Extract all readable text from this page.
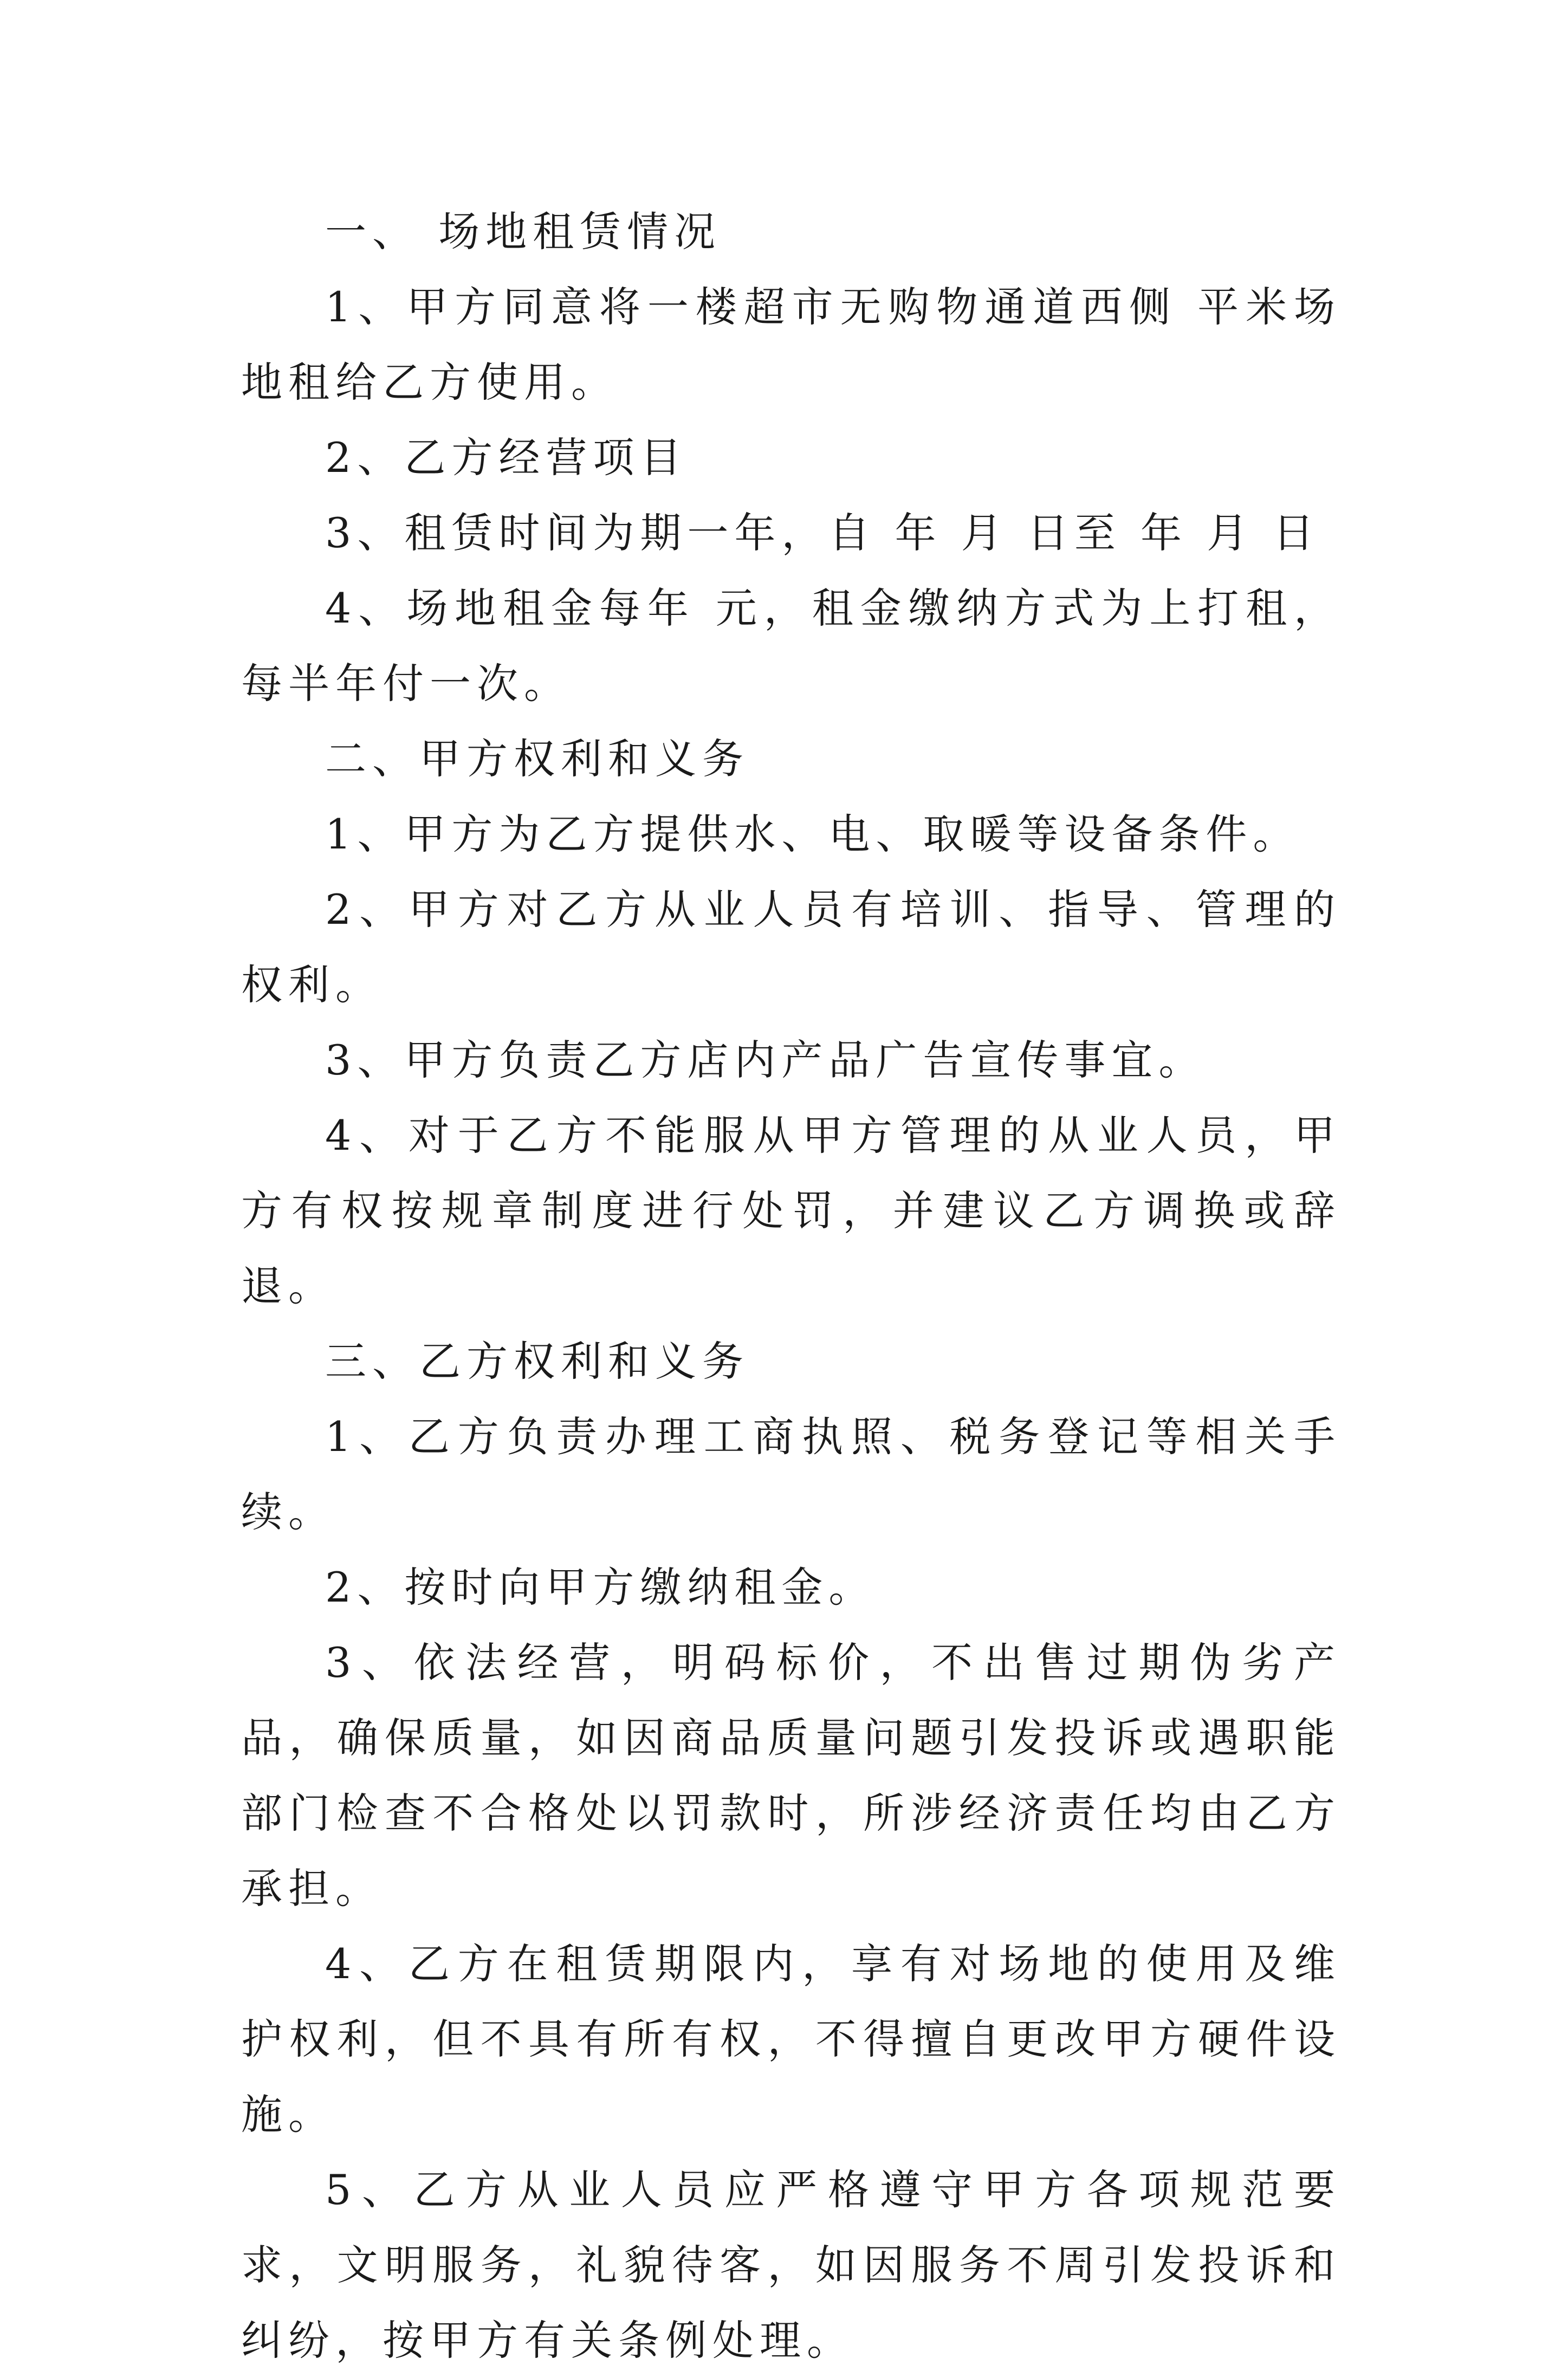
一、 场地租赁情况

1、甲方同意将一楼超市无购物通道西侧 平米场地租给乙方使用。

2、乙方经营项目

3、租赁时间为期一年，自 年 月 日至 年 月 日

4、场地租金每年 元，租金缴纳方式为上打租，每半年付一次。

二、甲方权利和义务

1、甲方为乙方提供水、电、取暖等设备条件。

2、甲方对乙方从业人员有培训、指导、管理的权利。

3、甲方负责乙方店内产品广告宣传事宜。

4、对于乙方不能服从甲方管理的从业人员，甲方有权按规章制度进行处罚，并建议乙方调换或辞退。

三、乙方权利和义务

1、乙方负责办理工商执照、税务登记等相关手续。

2、按时向甲方缴纳租金。

3、依法经营，明码标价，不出售过期伪劣产品，确保质量，如因商品质量问题引发投诉或遇职能部门检查不合格处以罚款时，所涉经济责任均由乙方承担。

4、乙方在租赁期限内，享有对场地的使用及维护权利，但不具有所有权，不得擅自更改甲方硬件设施。

5、乙方从业人员应严格遵守甲方各项规范要求，文明服务，礼貌待客，如因服务不周引发投诉和纠纷，按甲方有关条例处理。
